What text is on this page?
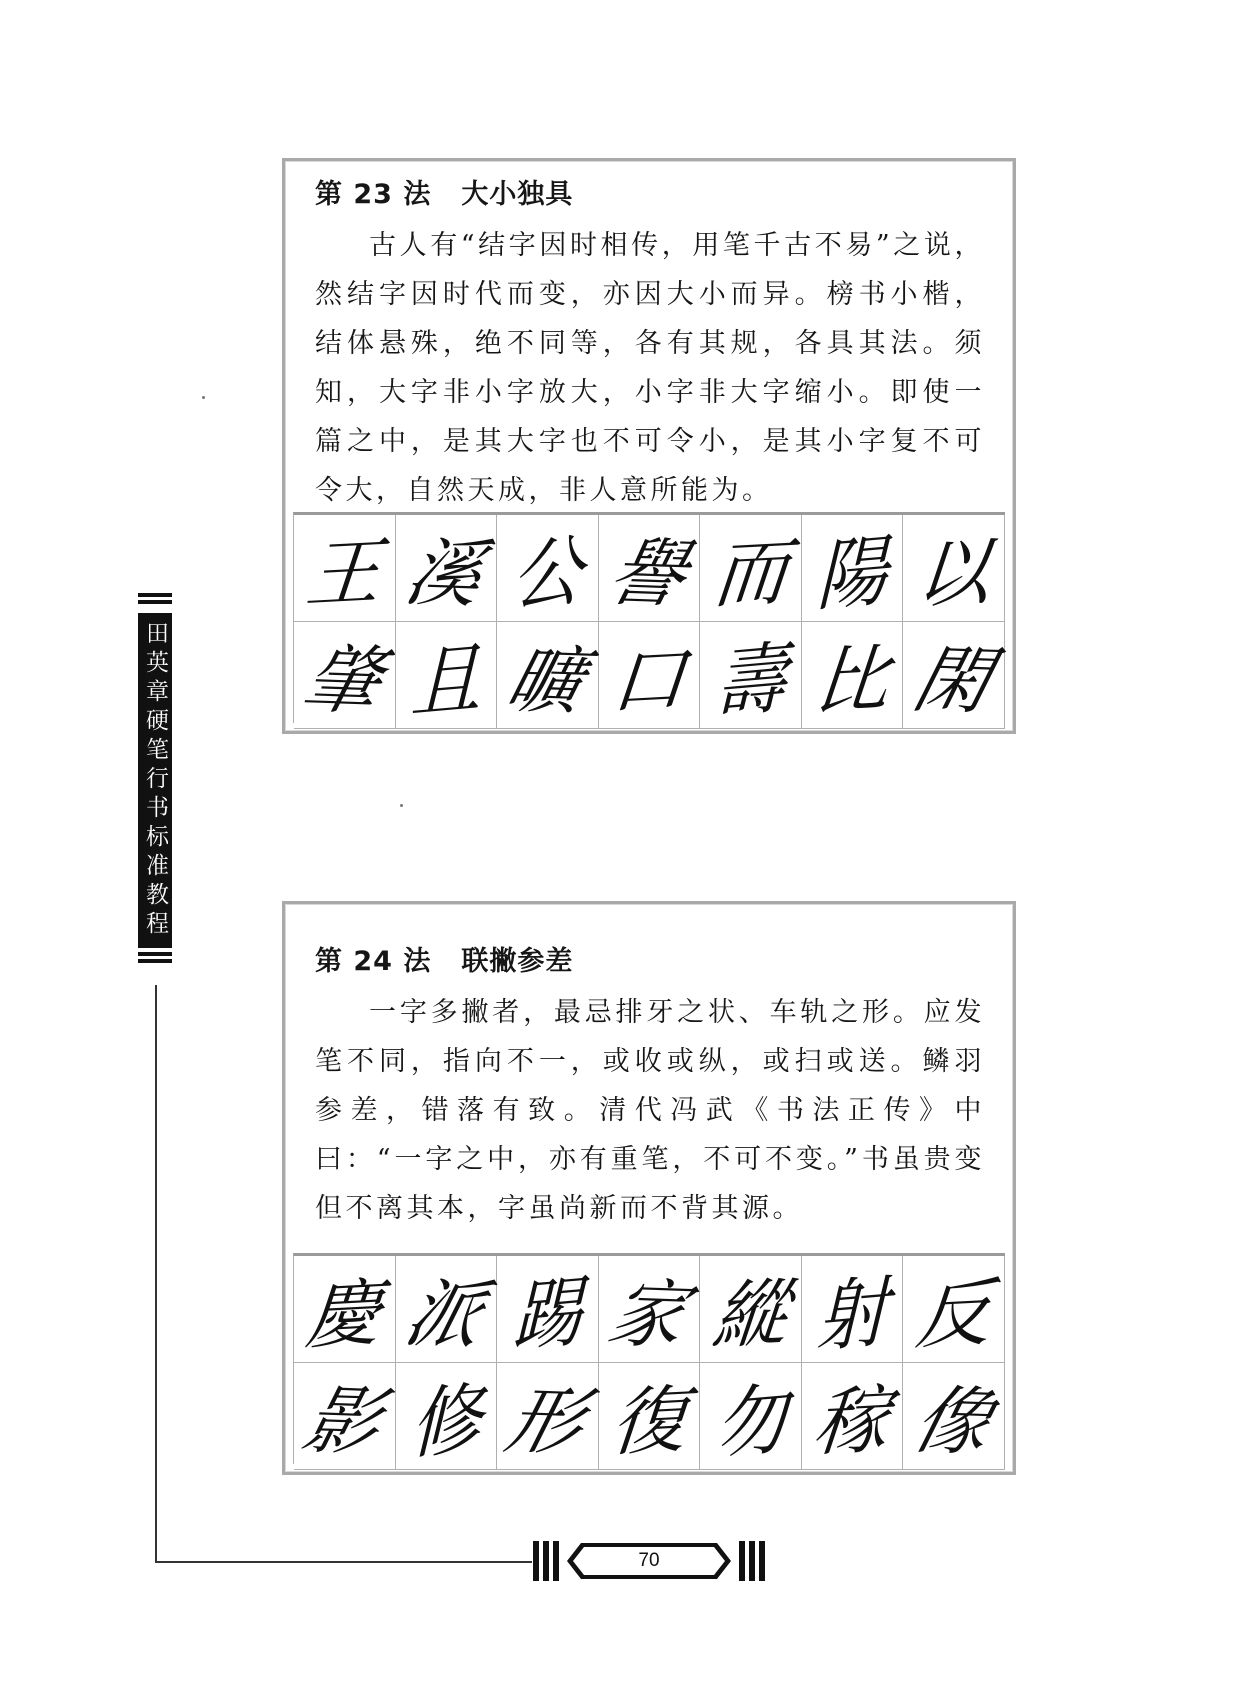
第 23 法 大小独具

古人有“结字因时相传，用笔千古不易”之说，然结字因时代而变，亦因大小而异。榜书小楷，结体悬殊，绝不同等，各有其规，各具其法。须知，大字非小字放大，小字非大字缩小。即使一篇之中，是其大字也不可令小，是其小字复不可令大，自然天成，非人意所能为。

王 溪 公 譽 而 陽 以
肇 且 曠 口 壽 比 閑
第 24 法 联撇参差

一字多撇者，最忌排牙之状、车轨之形。应发笔不同，指向不一，或收或纵，或扫或送。鳞羽参差，错落有致。清代冯武《书法正传》中曰：“一字之中，亦有重笔，不可不变。”书虽贵变但不离其本，字虽尚新而不背其源。

慶 派 踢 家 縱 射 反
影 修 形 復 勿 稼 像
田英章硬笔行书标准教程
70
